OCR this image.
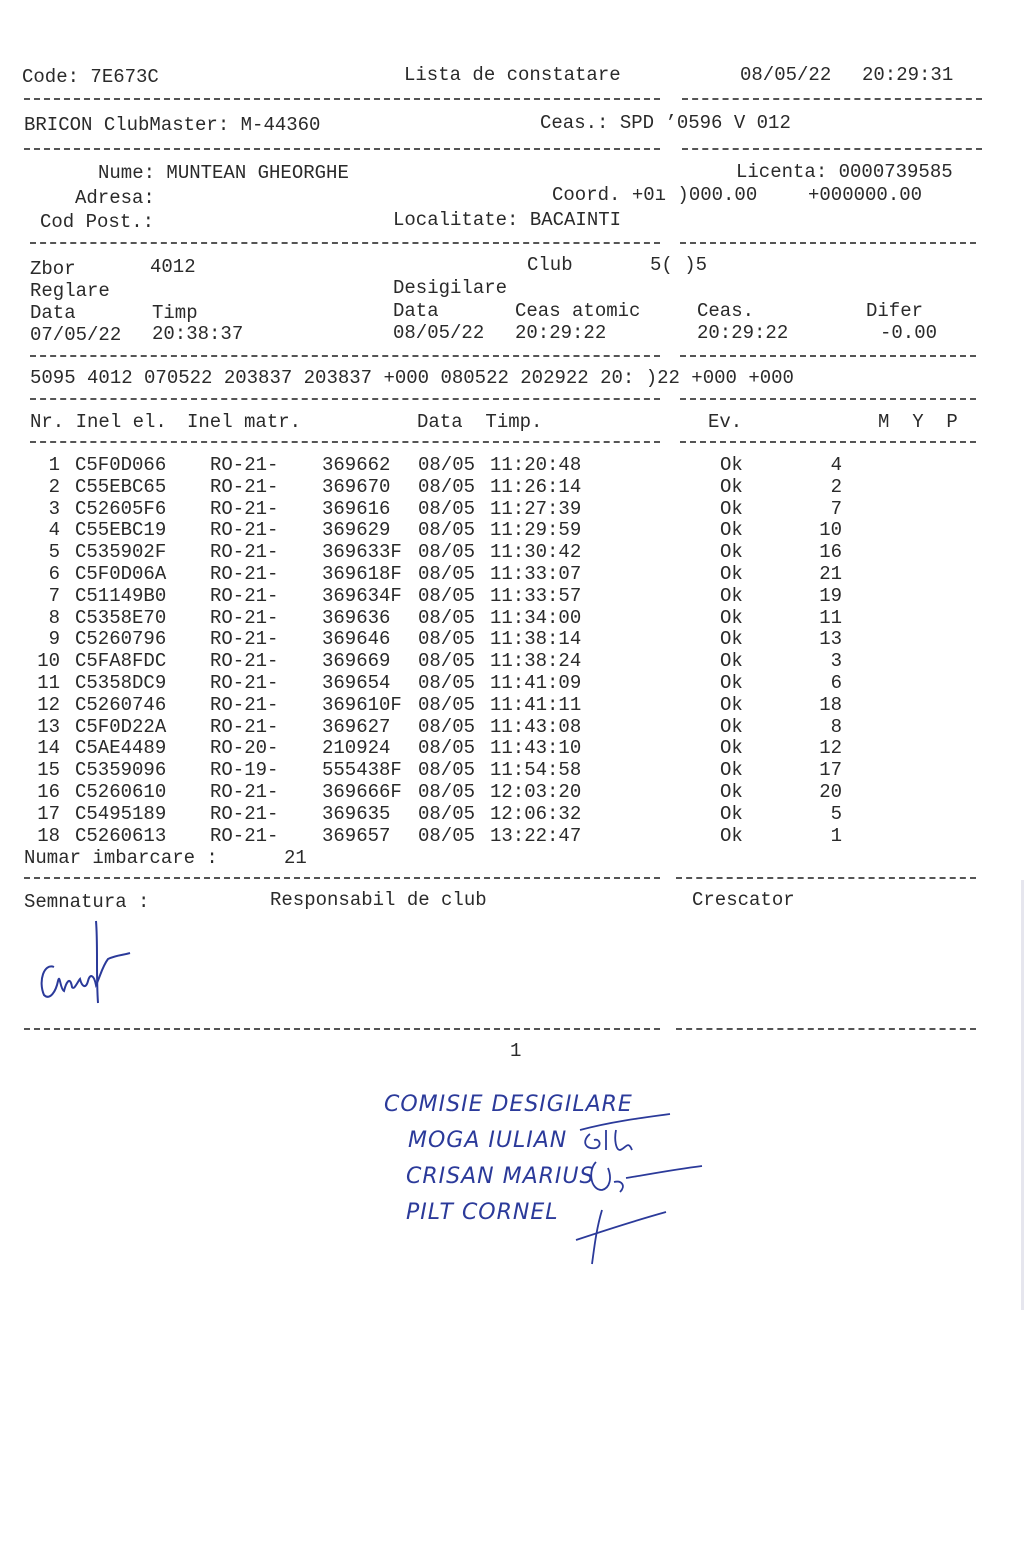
Code: 7E673C	Lista de constatare	08/05/22 20:29:31
BRICON ClubMaster: M-44360	Ceas.: SPD ’0596 V 012
Nume: MUNTEAN GHEORGHE	Licenta: 0000739585
Adresa:	Coord. +0ı )000.00	+000000.00
Cod Post.:	Localitate: BACAINTI
Zbor	4012	Club	5( )5
Reglare	Desigilare
Data	Timp	Data	Ceas atomic	Ceas.	Difer
07/05/22 20:38:37	08/05/22 20:29:22	20:29:22	-0.00
5095 4012 070522 203837 203837 +000 080522 202922 20: )22 +000 +000
Nr. Inel el. Inel matr.	Data  Timp.	Ev.	M  Y  P
1 C5F0D066 RO-21- 369662 08/05 11:20:48	Ok	4
2 C55EBC65 RO-21- 369670 08/05 11:26:14	Ok	2
3 C52605F6 RO-21- 369616 08/05 11:27:39	Ok	7
4 C55EBC19 RO-21- 369629 08/05 11:29:59	Ok	10
5 C535902F RO-21- 369633F 08/05 11:30:42	Ok	16
6 C5F0D06A RO-21- 369618F 08/05 11:33:07	Ok	21
7 C51149B0 RO-21- 369634F 08/05 11:33:57	Ok	19
8 C5358E70 RO-21- 369636 08/05 11:34:00	Ok	11
9 C5260796 RO-21- 369646 08/05 11:38:14	Ok	13
10 C5FA8FDC RO-21- 369669 08/05 11:38:24	Ok	3
11 C5358DC9 RO-21- 369654 08/05 11:41:09	Ok	6
12 C5260746 RO-21- 369610F 08/05 11:41:11	Ok	18
13 C5F0D22A RO-21- 369627 08/05 11:43:08	Ok	8
14 C5AE4489 RO-20- 210924 08/05 11:43:10	Ok	12
15 C5359096 RO-19- 555438F 08/05 11:54:58	Ok	17
16 C5260610 RO-21- 369666F 08/05 12:03:20	Ok	20
17 C5495189 RO-21- 369635 08/05 12:06:32	Ok	5
18 C5260613 RO-21- 369657 08/05 13:22:47	Ok	1
Numar imbarcare :	21
Semnatura :	Responsabil de club	Crescator
1
COMISIE DESIGILARE
MOGA IULIAN
CRISAN MARIUS
PILT CORNEL
